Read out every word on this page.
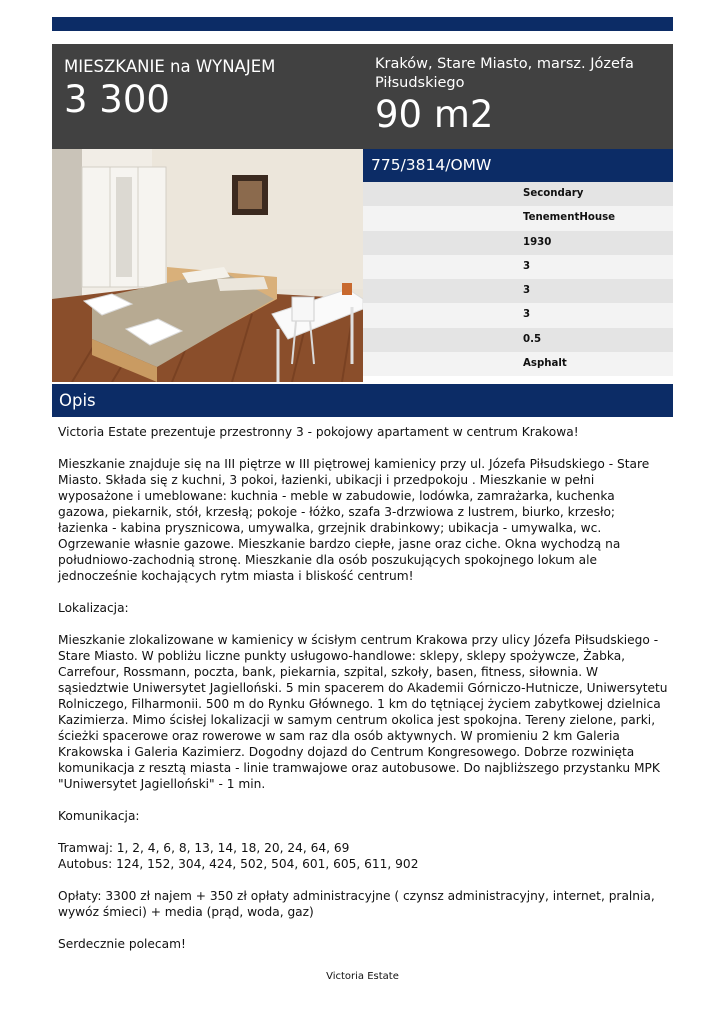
MIESZKANIE na WYNAJEM
3 300
Kraków, Stare Miasto, marsz. Józefa Piłsudskiego
90 m2
775/3814/OMW
Secondary
TenementHouse
1930
3
3
3
0.5
Asphalt
Opis

Victoria Estate prezentuje przestronny 3 - pokojowy apartament w centrum Krakowa!

Mieszkanie znajduje się na III piętrze w III piętrowej kamienicy przy ul. Józefa Piłsudskiego - Stare Miasto. Składa się z kuchni, 3 pokoi, łazienki, ubikacji i przedpokoju . Mieszkanie w pełni wyposażone i umeblowane: kuchnia - meble w zabudowie, lodówka, zamrażarka, kuchenka gazowa, piekarnik, stół, krzesłą; pokoje - łóżko, szafa 3-drzwiowa z lustrem, biurko, krzesło; łazienka - kabina prysznicowa, umywalka, grzejnik drabinkowy; ubikacja - umywalka, wc. Ogrzewanie własnie gazowe. Mieszkanie bardzo ciepłe, jasne oraz ciche. Okna wychodzą na południowo-zachodnią stronę. Mieszkanie dla osób poszukujących spokojnego lokum ale jednocześnie kochających rytm miasta i bliskość centrum!

Lokalizacja:

Mieszkanie zlokalizowane w kamienicy w ścisłym centrum Krakowa przy ulicy Józefa Piłsudskiego - Stare Miasto. W pobliżu liczne punkty usługowo-handlowe: sklepy, sklepy spożywcze, Żabka, Carrefour, Rossmann, poczta, bank, piekarnia, szpital, szkoły, basen, fitness, siłownia. W sąsiedztwie Uniwersytet Jagielloński. 5 min spacerem do Akademii Górniczo-Hutnicze, Uniwersytetu Rolniczego, Filharmonii. 500 m do Rynku Głównego. 1 km do tętniącej życiem zabytkowej dzielnica Kazimierza. Mimo ścisłej lokalizacji w samym centrum okolica jest spokojna. Tereny zielone, parki, ścieżki spacerowe oraz rowerowe w sam raz dla osób aktywnych. W promieniu 2 km Galeria Krakowska i Galeria Kazimierz. Dogodny dojazd do Centrum Kongresowego. Dobrze rozwinięta komunikacja z resztą miasta - linie tramwajowe oraz autobusowe. Do najbliższego przystanku MPK "Uniwersytet Jagielloński" - 1 min.

Komunikacja:

Tramwaj: 1, 2, 4, 6, 8, 13, 14, 18, 20, 24, 64, 69
Autobus: 124, 152, 304, 424, 502, 504, 601, 605, 611, 902

Opłaty: 3300 zł najem + 350 zł opłaty administracyjne ( czynsz administracyjny, internet, pralnia, wywóz śmieci) + media (prąd, woda, gaz)

Serdecznie polecam!

Victoria Estate
